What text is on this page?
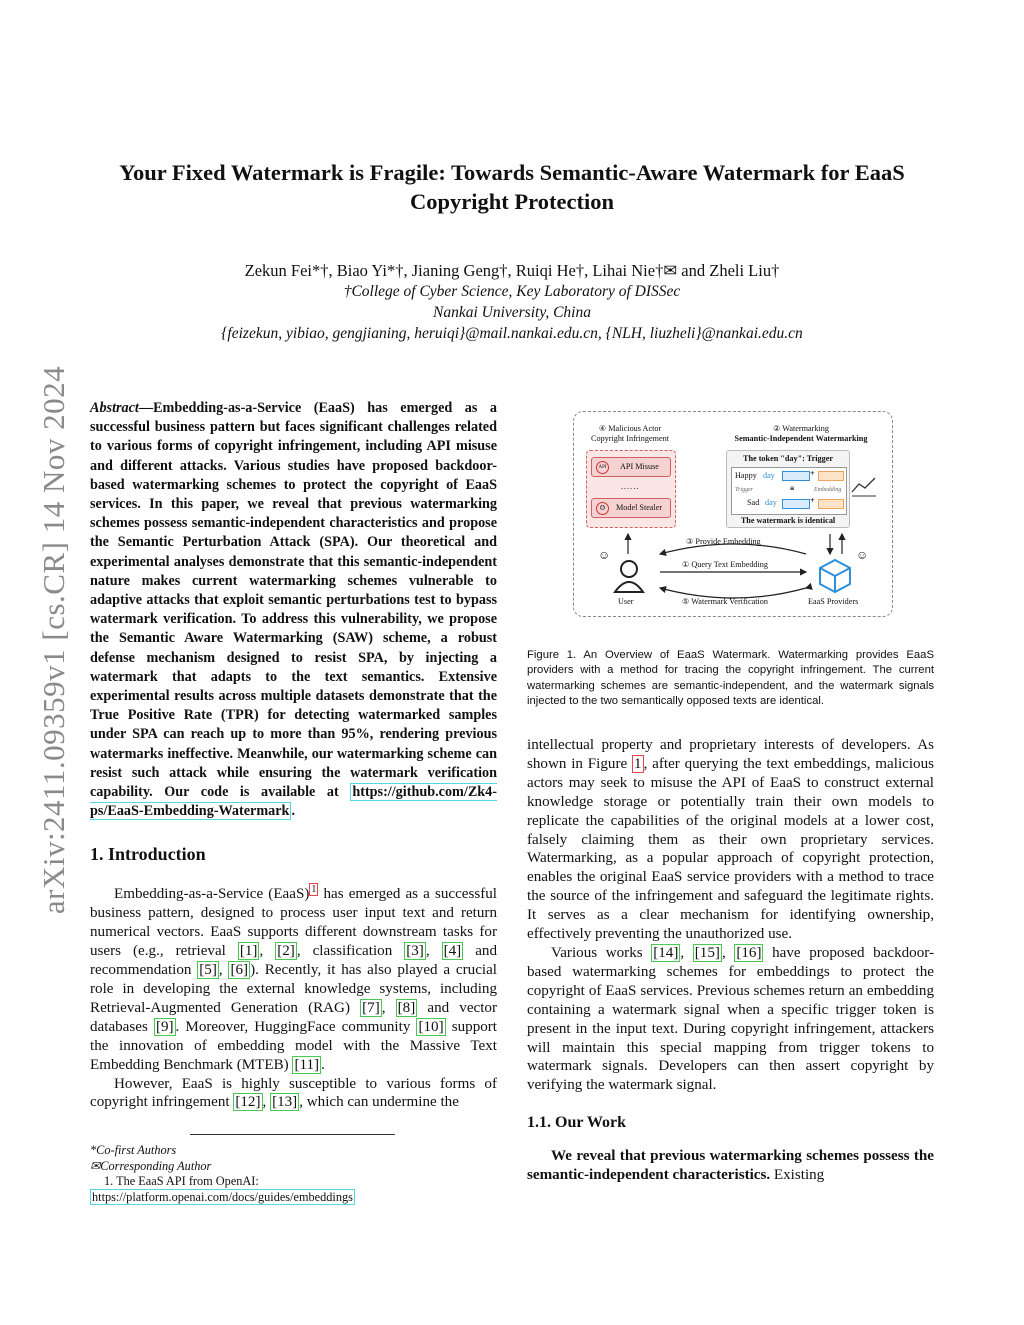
arXiv:2411.09359v1 [cs.CR] 14 Nov 2024
Your Fixed Watermark is Fragile: Towards Semantic-Aware Watermark for EaaS
Copyright Protection
Zekun Fei*†, Biao Yi*†, Jianing Geng†, Ruiqi He†, Lihai Nie†✉ and Zheli Liu†
†College of Cyber Science, Key Laboratory of DISSec
Nankai University, China
{feizekun, yibiao, gengjianing, heruiqi}@mail.nankai.edu.cn, {NLH, liuzheli}@nankai.edu.cn
Abstract—Embedding-as-a-Service (EaaS) has emerged as a successful business pattern but faces significant challenges related to various forms of copyright infringement, including API misuse and different attacks. Various studies have proposed backdoor-based watermarking schemes to protect the copyright of EaaS services. In this paper, we reveal that previous watermarking schemes possess semantic-independent characteristics and propose the Semantic Perturbation Attack (SPA). Our theoretical and experimental analyses demonstrate that this semantic-independent nature makes current watermarking schemes vulnerable to adaptive attacks that exploit semantic perturbations test to bypass watermark verification. To address this vulnerability, we propose the Semantic Aware Watermarking (SAW) scheme, a robust defense mechanism designed to resist SPA, by injecting a watermark that adapts to the text semantics. Extensive experimental results across multiple datasets demonstrate that the True Positive Rate (TPR) for detecting watermarked samples under SPA can reach up to more than 95%, rendering previous watermarks ineffective. Meanwhile, our watermarking scheme can resist such attack while ensuring the watermark verification capability. Our code is available at https://github.com/Zk4-ps/EaaS-Embedding-Watermark .
1. Introduction

Embedding-as-a-Service (EaaS) $^1$ has emerged as a successful business pattern, designed to process user input text and return numerical vectors. EaaS supports different downstream tasks for users (e.g., retrieval [1] , [2] , classification [3] , [4] and recommendation [5] , [6] ). Recently, it has also played a crucial role in developing the external knowledge systems, including Retrieval-Augmented Generation (RAG) [7] , [8] and vector databases [9] . Moreover, HuggingFace community [10] support the innovation of embedding model with the Massive Text Embedding Benchmark (MTEB) [11] .

However, EaaS is highly susceptible to various forms of copyright infringement [12] , [13] , which can undermine the

*Co-first Authors
✉Corresponding Author
1. The EaaS API from OpenAI: https://platform.openai.com/docs/guides/embeddings
④ Malicious Actor
Copyright Infringement
API	API Misuse
......
☹	Model Stealer
② Watermarking
Semantic-Independent Watermarking
The token "day": Trigger
Happy day	+
Trigger	🔒︎	Embedding
Sad day	+
The watermark is identical
③ Provide Embedding
① Query Text Embedding
⑤ Watermark Verification
☺
User
☺
EaaS Providers
Figure 1. An Overview of EaaS Watermark. Watermarking provides EaaS providers with a method for tracing the copyright infringement. The current watermarking schemes are semantic-independent, and the watermark signals injected to the two semantically opposed texts are identical.

intellectual property and proprietary interests of developers. As shown in Figure 1 , after querying the text embeddings, malicious actors may seek to misuse the API of EaaS to construct external knowledge storage or potentially train their own models to replicate the capabilities of the original models at a lower cost, falsely claiming them as their own proprietary services. Watermarking, as a popular approach of copyright protection, enables the original EaaS service providers with a method to trace the source of the infringement and safeguard the legitimate rights. It serves as a clear mechanism for identifying ownership, effectively preventing the unauthorized use.

Various works [14] , [15] , [16] have proposed backdoor-based watermarking schemes for embeddings to protect the copyright of EaaS services. Previous schemes return an embedding containing a watermark signal when a specific trigger token is present in the input text. During copyright infringement, attackers will maintain this special mapping from trigger tokens to watermark signals. Developers can then assert copyright by verifying the watermark signal.

1.1. Our Work

We reveal that previous watermarking schemes possess the semantic-independent characteristics. Existing
